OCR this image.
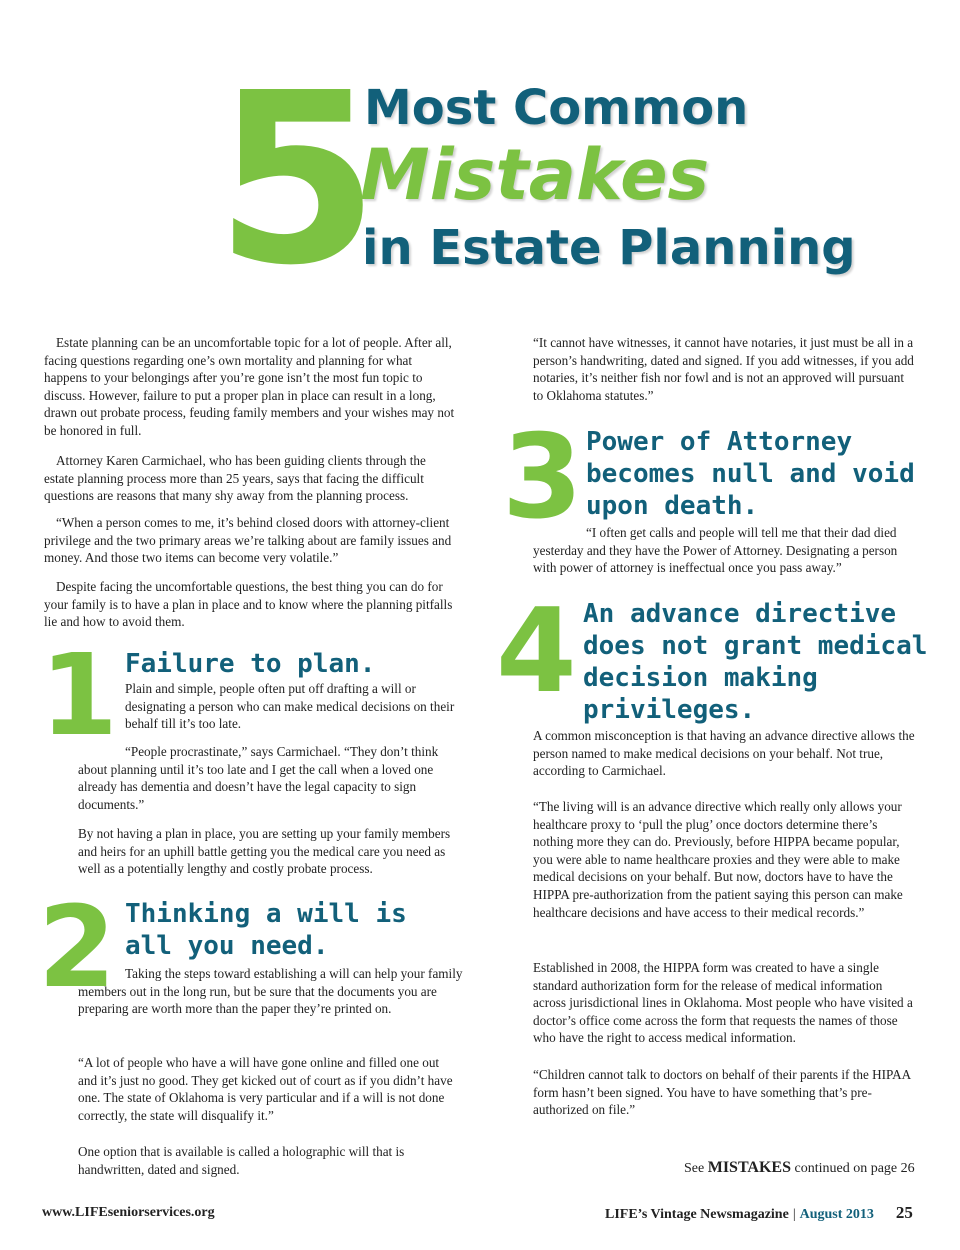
5
Most Common
Mistakes
in Estate Planning

Estate planning can be an uncomfortable topic for a lot of people. After all, facing questions regarding one’s own mortality and planning for what happens to your belongings after you’re gone isn’t the most fun topic to discuss. However, failure to put a proper plan in place can result in a long, drawn out probate process, feuding family members and your wishes may not be honored in full.

Attorney Karen Carmichael, who has been guiding clients through the estate planning process more than 25 years, says that facing the difficult questions are reasons that many shy away from the planning process.

“When a person comes to me, it’s behind closed doors with attorney-client privilege and the two primary areas we’re talking about are family issues and money. And those two items can become very volatile.”

Despite facing the uncomfortable questions, the best thing you can do for your family is to have a plan in place and to know where the planning pitfalls lie and how to avoid them.

1 Failure to plan.

Plain and simple, people often put off drafting a will or designating a person who can make medical decisions on their behalf till it’s too late.

“People procrastinate,” says Carmichael. “They don’t think about planning until it’s too late and I get the call when a loved one already has dementia and doesn’t have the legal capacity to sign documents.”

By not having a plan in place, you are setting up your family members and heirs for an uphill battle getting you the medical care you need as well as a potentially lengthy and costly probate process.

2 Thinking a will is
all you need.

Taking the steps toward establishing a will can help your family members out in the long run, but be sure that the documents you are preparing are worth more than the paper they’re printed on.

“A lot of people who have a will have gone online and filled one out and it’s just no good. They get kicked out of court as if you didn’t have one. The state of Oklahoma is very particular and if a will is not done correctly, the state will disqualify it.”

One option that is available is called a holographic will that is handwritten, dated and signed.

“It cannot have witnesses, it cannot have notaries, it just must be all in a person’s handwriting, dated and signed. If you add witnesses, if you add notaries, it’s neither fish nor fowl and is not an approved will pursuant to Oklahoma statutes.”

3 Power of Attorney
becomes null and void
upon death.

“I often get calls and people will tell me that their dad died yesterday and they have the Power of Attorney. Designating a person with power of attorney is ineffectual once you pass away.”

4 An advance directive
does not grant medical
decision making
privileges.

A common misconception is that having an advance directive allows the person named to make medical decisions on your behalf. Not true, according to Carmichael.

“The living will is an advance directive which really only allows your healthcare proxy to ‘pull the plug’ once doctors determine there’s nothing more they can do. Previously, before HIPPA became popular, you were able to name healthcare proxies and they were able to make medical decisions on your behalf. But now, doctors have to have the HIPPA pre-authorization from the patient saying this person can make healthcare decisions and have access to their medical records.”

Established in 2008, the HIPPA form was created to have a single standard authorization form for the release of medical information across jurisdictional lines in Oklahoma. Most people who have visited a doctor’s office come across the form that requests the names of those who have the right to access medical information.

“Children cannot talk to doctors on behalf of their parents if the HIPAA form hasn’t been signed. You have to have something that’s pre-authorized on file.”

See MISTAKES continued on page 26
www.LIFEseniorservices.org	LIFE’s Vintage Newsmagazine | August 2013 25
